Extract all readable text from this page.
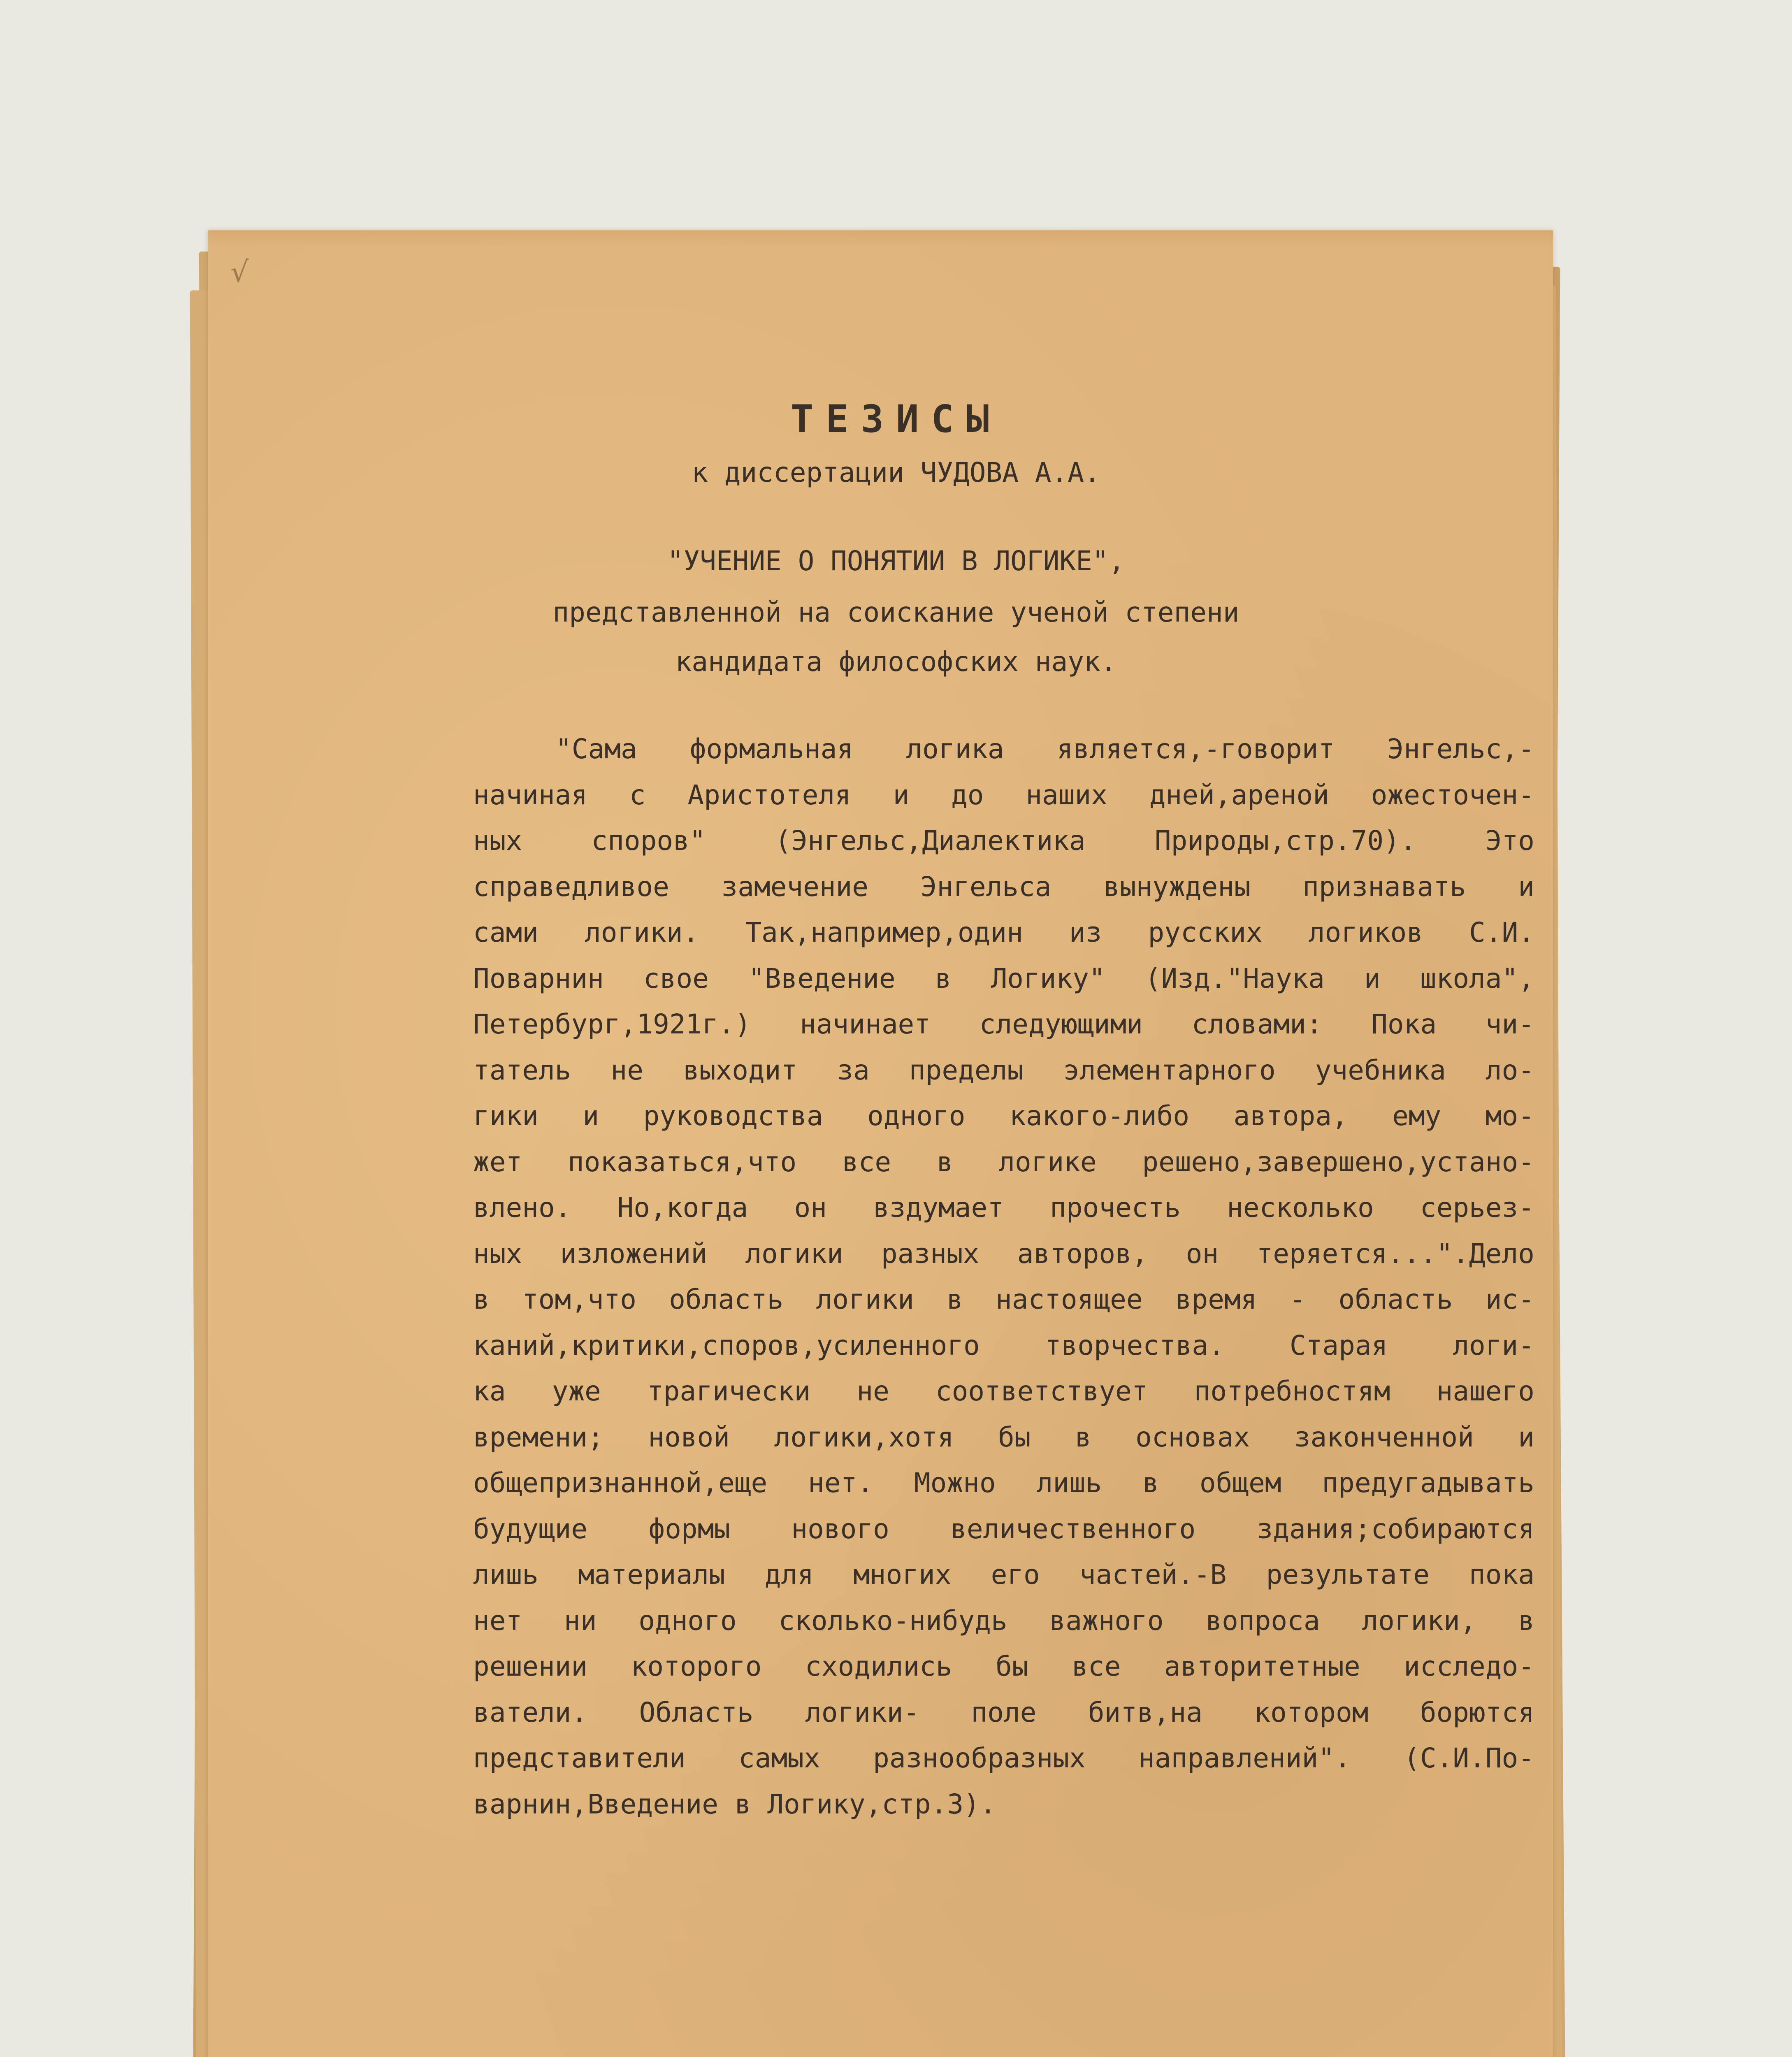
√
ТЕЗИСЫ
к диссертации ЧУДОВА А.А.
"УЧЕНИЕ О ПОНЯТИИ В ЛОГИКЕ",
представленной на соискание ученой степени
кандидата философских наук.
"Сама формальная логика является,-говорит Энгельс,-
начиная с Аристотеля и до наших дней,ареной ожесточен-
ных споров" (Энгельс,Диалектика Природы,стр.70). Это
справедливое замечение Энгельса вынуждены признавать и
сами логики. Так,например,один из русских логиков С.И.
Поварнин свое "Введение в Логику" (Изд."Наука и школа",
Петербург,1921г.) начинает следующими словами: Пока чи-
татель не выходит за пределы элементарного учебника ло-
гики и руководства одного какого-либо автора, ему мо-
жет показаться,что все в логике решено,завершено,устано-
влено. Но,когда он вздумает прочесть несколько серьез-
ных изложений логики разных авторов, он теряется...".Дело
в том,что область логики в настоящее время - область ис-
каний,критики,споров,усиленного творчества. Старая логи-
ка уже трагически не соответствует потребностям нашего
времени; новой логики,хотя бы в основах законченной и
общепризнанной,еще нет. Можно лишь в общем предугадывать
будущие формы нового величественного здания;собираются
лишь материалы для многих его частей.-В результате пока
нет ни одного сколько-нибудь важного вопроса логики, в
решении которого сходились бы все авторитетные исследо-
ватели. Область логики- поле битв,на котором борются
представители самых разнообразных направлений". (С.И.По-
варнин,Введение в Логику,стр.3).
